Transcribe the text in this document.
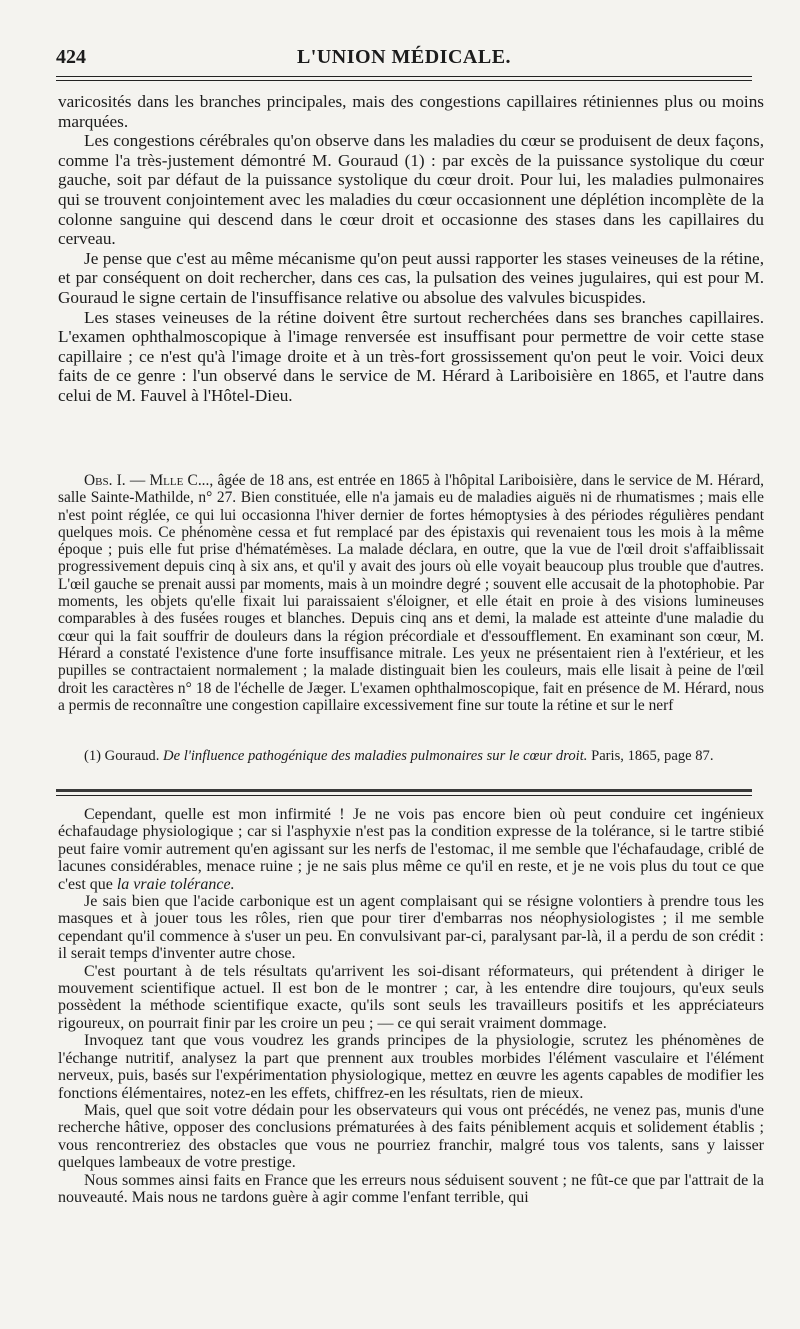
424	L'UNION MÉDICALE.

varicosités dans les branches principales, mais des congestions capillaires rétiniennes plus ou moins marquées.

Les congestions cérébrales qu'on observe dans les maladies du cœur se produisent de deux façons, comme l'a très-justement démontré M. Gouraud (1) : par excès de la puissance systolique du cœur gauche, soit par défaut de la puissance systolique du cœur droit. Pour lui, les maladies pulmonaires qui se trouvent conjointement avec les maladies du cœur occasionnent une déplétion incomplète de la colonne sanguine qui descend dans le cœur droit et occasionne des stases dans les capillaires du cerveau.

Je pense que c'est au même mécanisme qu'on peut aussi rapporter les stases veineuses de la rétine, et par conséquent on doit rechercher, dans ces cas, la pulsation des veines jugulaires, qui est pour M. Gouraud le signe certain de l'insuffisance relative ou absolue des valvules bicuspides.

Les stases veineuses de la rétine doivent être surtout recherchées dans ses branches capillaires. L'examen ophthalmoscopique à l'image renversée est insuffisant pour permettre de voir cette stase capillaire ; ce n'est qu'à l'image droite et à un très-fort grossissement qu'on peut le voir. Voici deux faits de ce genre : l'un observé dans le service de M. Hérard à Lariboisière en 1865, et l'autre dans celui de M. Fauvel à l'Hôtel-Dieu.

Obs. I. — Mlle C..., âgée de 18 ans, est entrée en 1865 à l'hôpital Lariboisière, dans le service de M. Hérard, salle Sainte-Mathilde, n° 27. Bien constituée, elle n'a jamais eu de maladies aiguës ni de rhumatismes ; mais elle n'est point réglée, ce qui lui occasionna l'hiver dernier de fortes hémoptysies à des périodes régulières pendant quelques mois. Ce phénomène cessa et fut remplacé par des épistaxis qui revenaient tous les mois à la même époque ; puis elle fut prise d'hématémèses. La malade déclara, en outre, que la vue de l'œil droit s'affaiblissait progressivement depuis cinq à six ans, et qu'il y avait des jours où elle voyait beaucoup plus trouble que d'autres. L'œil gauche se prenait aussi par moments, mais à un moindre degré ; souvent elle accusait de la photophobie. Par moments, les objets qu'elle fixait lui paraissaient s'éloigner, et elle était en proie à des visions lumineuses comparables à des fusées rouges et blanches. Depuis cinq ans et demi, la malade est atteinte d'une maladie du cœur qui la fait souffrir de douleurs dans la région précordiale et d'essoufflement. En examinant son cœur, M. Hérard a constaté l'existence d'une forte insuffisance mitrale. Les yeux ne présentaient rien à l'extérieur, et les pupilles se contractaient normalement ; la malade distinguait bien les couleurs, mais elle lisait à peine de l'œil droit les caractères n° 18 de l'échelle de Jæger. L'examen ophthalmoscopique, fait en présence de M. Hérard, nous a permis de reconnaître une congestion capillaire excessivement fine sur toute la rétine et sur le nerf

(1) Gouraud. De l'influence pathogénique des maladies pulmonaires sur le cœur droit. Paris, 1865, page 87.

Cependant, quelle est mon infirmité ! Je ne vois pas encore bien où peut conduire cet ingénieux échafaudage physiologique ; car si l'asphyxie n'est pas la condition expresse de la tolérance, si le tartre stibié peut faire vomir autrement qu'en agissant sur les nerfs de l'estomac, il me semble que l'échafaudage, criblé de lacunes considérables, menace ruine ; je ne sais plus même ce qu'il en reste, et je ne vois plus du tout ce que c'est que la vraie tolérance.

Je sais bien que l'acide carbonique est un agent complaisant qui se résigne volontiers à prendre tous les masques et à jouer tous les rôles, rien que pour tirer d'embarras nos néophysiologistes ; il me semble cependant qu'il commence à s'user un peu. En convulsivant par-ci, paralysant par-là, il a perdu de son crédit : il serait temps d'inventer autre chose.

C'est pourtant à de tels résultats qu'arrivent les soi-disant réformateurs, qui prétendent à diriger le mouvement scientifique actuel. Il est bon de le montrer ; car, à les entendre dire toujours, qu'eux seuls possèdent la méthode scientifique exacte, qu'ils sont seuls les travailleurs positifs et les appréciateurs rigoureux, on pourrait finir par les croire un peu ; — ce qui serait vraiment dommage.

Invoquez tant que vous voudrez les grands principes de la physiologie, scrutez les phénomènes de l'échange nutritif, analysez la part que prennent aux troubles morbides l'élément vasculaire et l'élément nerveux, puis, basés sur l'expérimentation physiologique, mettez en œuvre les agents capables de modifier les fonctions élémentaires, notez-en les effets, chiffrez-en les résultats, rien de mieux.

Mais, quel que soit votre dédain pour les observateurs qui vous ont précédés, ne venez pas, munis d'une recherche hâtive, opposer des conclusions prématurées à des faits péniblement acquis et solidement établis ; vous rencontreriez des obstacles que vous ne pourriez franchir, malgré tous vos talents, sans y laisser quelques lambeaux de votre prestige.

Nous sommes ainsi faits en France que les erreurs nous séduisent souvent ; ne fût-ce que par l'attrait de la nouveauté. Mais nous ne tardons guère à agir comme l'enfant terrible, qui
